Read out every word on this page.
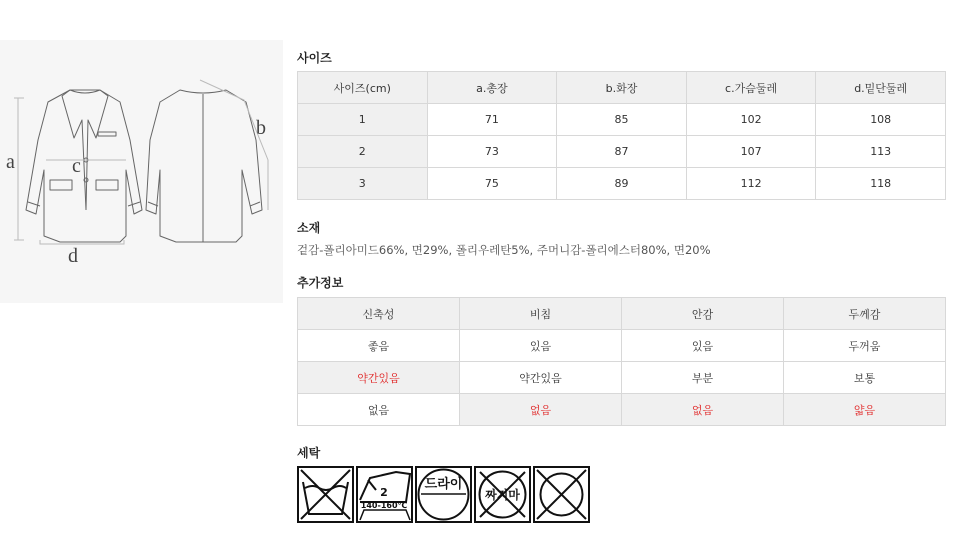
a
b
c
d
사이즈
사이즈(cm)	a.총장	b.화장	c.가슴둘레	d.밑단둘레
1	71	85	102	108
2	73	87	107	113
3	75	89	112	118
소재
겉감-폴리아미드66%, 면29%, 폴리우레탄5%, 주머니감-폴리에스터80%, 면20%
추가정보
신축성	비침	안감	두께감
좋음	있음	있음	두꺼움
약간있음	약간있음	부분	보통
없음	없음	없음	얇음
세탁
2
140-160℃
드라이
짜지마
